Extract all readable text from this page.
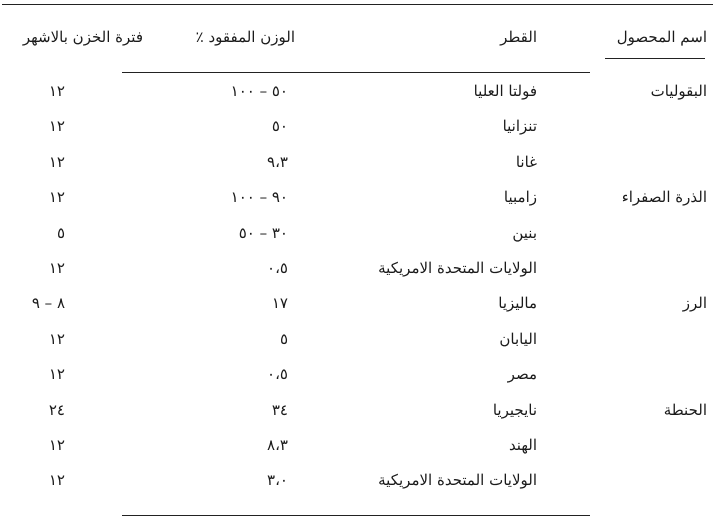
اسم المحصول
القطر
الوزن المفقود ٪
فترة الخزن بالاشهر
البقوليات
فولتا العليا
٥٠ – ١٠٠
١٢
تنزانيا
٥٠
١٢
غانا
٩،٣
١٢
الذرة الصفراء
زامبيا
٩٠ – ١٠٠
١٢
بنين
٣٠ – ٥٠
٥
الولايات المتحدة الامريكية
٠،٥
١٢
الرز
ماليزيا
١٧
٨ – ٩
اليابان
٥
١٢
مصر
٠،٥
١٢
الحنطة
نايجيريا
٣٤
٢٤
الهند
٨،٣
١٢
الولايات المتحدة الامريكية
٣،٠
١٢
